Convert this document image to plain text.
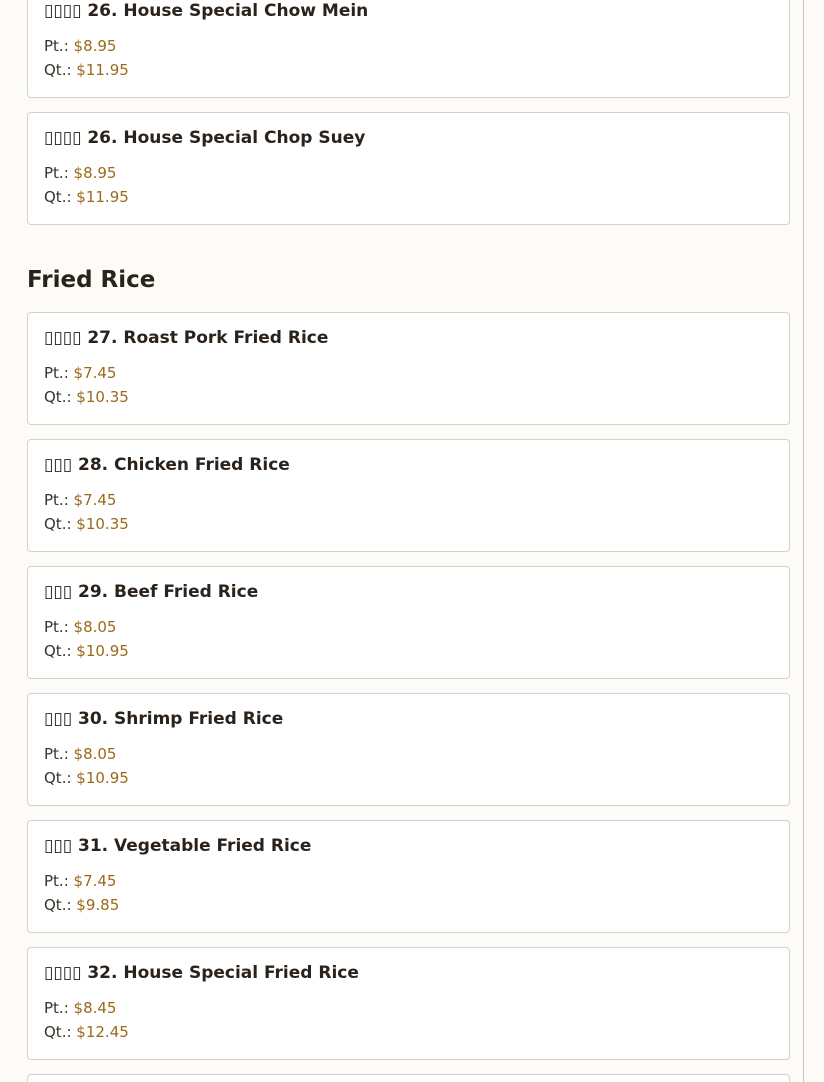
▯▯▯▯ 26. House Special Chow Mein
Pt.: $8.95
Qt.: $11.95
▯▯▯▯ 26. House Special Chop Suey
Pt.: $8.95
Qt.: $11.95
Fried Rice
▯▯▯▯ 27. Roast Pork Fried Rice
Pt.: $7.45
Qt.: $10.35
▯▯▯ 28. Chicken Fried Rice
Pt.: $7.45
Qt.: $10.35
▯▯▯ 29. Beef Fried Rice
Pt.: $8.05
Qt.: $10.95
▯▯▯ 30. Shrimp Fried Rice
Pt.: $8.05
Qt.: $10.95
▯▯▯ 31. Vegetable Fried Rice
Pt.: $7.45
Qt.: $9.85
▯▯▯▯ 32. House Special Fried Rice
Pt.: $8.45
Qt.: $12.45
